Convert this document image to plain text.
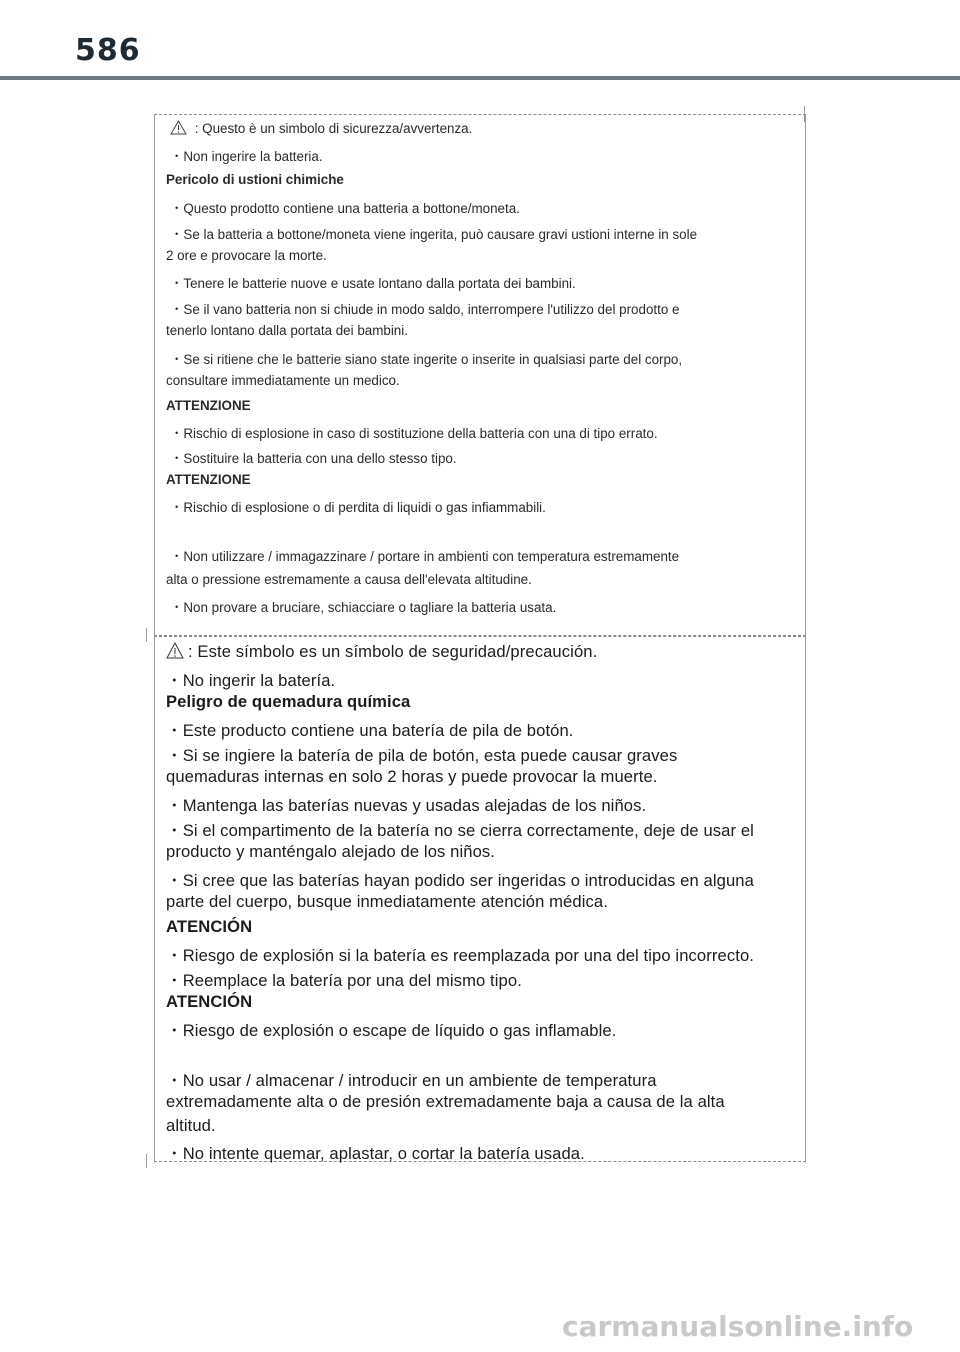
586
: Questo è un simbolo di sicurezza/avvertenza.
・Non ingerire la batteria.
Pericolo di ustioni chimiche
・Questo prodotto contiene una batteria a bottone/moneta.
・Se la batteria a bottone/moneta viene ingerita, può causare gravi ustioni interne in sole
2 ore e provocare la morte.
・Tenere le batterie nuove e usate lontano dalla portata dei bambini.
・Se il vano batteria non si chiude in modo saldo, interrompere l'utilizzo del prodotto e
tenerlo lontano dalla portata dei bambini.
・Se si ritiene che le batterie siano state ingerite o inserite in qualsiasi parte del corpo,
consultare immediatamente un medico.
ATTENZIONE
・Rischio di esplosione in caso di sostituzione della batteria con una di tipo errato.
・Sostituire la batteria con una dello stesso tipo.
ATTENZIONE
・Rischio di esplosione o di perdita di liquidi o gas infiammabili.
・Non utilizzare / immagazzinare / portare in ambienti con temperatura estremamente
alta o pressione estremamente a causa dell'elevata altitudine.
・Non provare a bruciare, schiacciare o tagliare la batteria usata.
: Este símbolo es un símbolo de seguridad/precaución.
・No ingerir la batería.
Peligro de quemadura química
・Este producto contiene una batería de pila de botón.
・Si se ingiere la batería de pila de botón, esta puede causar graves
quemaduras internas en solo 2 horas y puede provocar la muerte.
・Mantenga las baterías nuevas y usadas alejadas de los niños.
・Si el compartimento de la batería no se cierra correctamente, deje de usar el
producto y manténgalo alejado de los niños.
・Si cree que las baterías hayan podido ser ingeridas o introducidas en alguna
parte del cuerpo, busque inmediatamente atención médica.
ATENCIÓN
・Riesgo de explosión si la batería es reemplazada por una del tipo incorrecto.
・Reemplace la batería por una del mismo tipo.
ATENCIÓN
・Riesgo de explosión o escape de líquido o gas inflamable.
・No usar / almacenar / introducir en un ambiente de temperatura
extremadamente alta o de presión extremadamente baja a causa de la alta
altitud.
・No intente quemar, aplastar, o cortar la batería usada.
carmanualsonline.info
